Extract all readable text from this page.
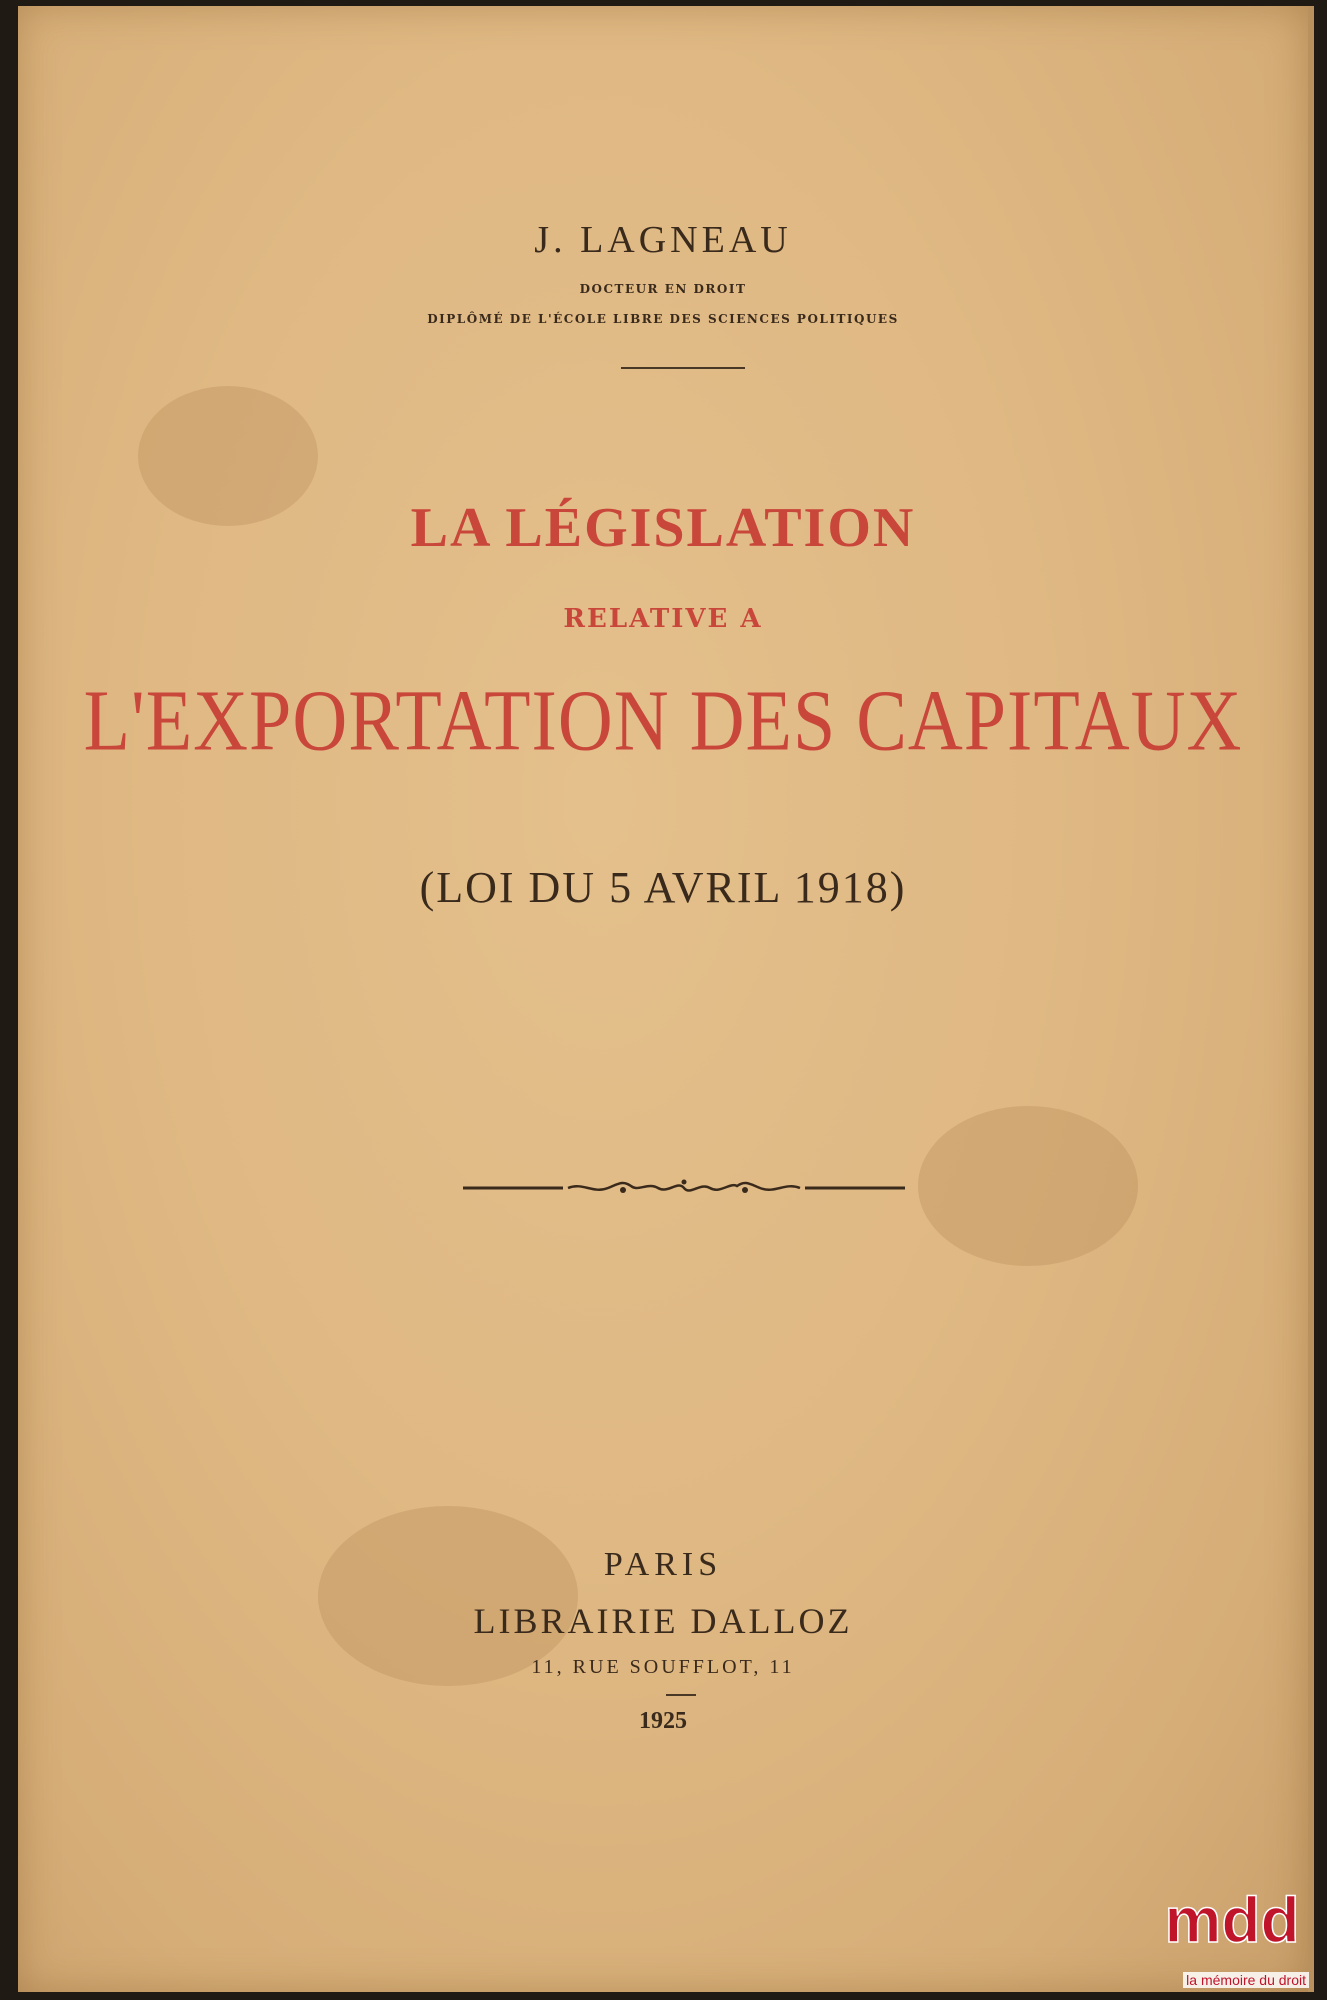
J. LAGNEAU
DOCTEUR EN DROIT
DIPLÔMÉ DE L'ÉCOLE LIBRE DES SCIENCES POLITIQUES
LA LÉGISLATION
RELATIVE A
L'EXPORTATION DES CAPITAUX
(LOI DU 5 AVRIL 1918)
PARIS
LIBRAIRIE DALLOZ
11, RUE SOUFFLOT, 11
1925
mdd
la mémoire du droit
